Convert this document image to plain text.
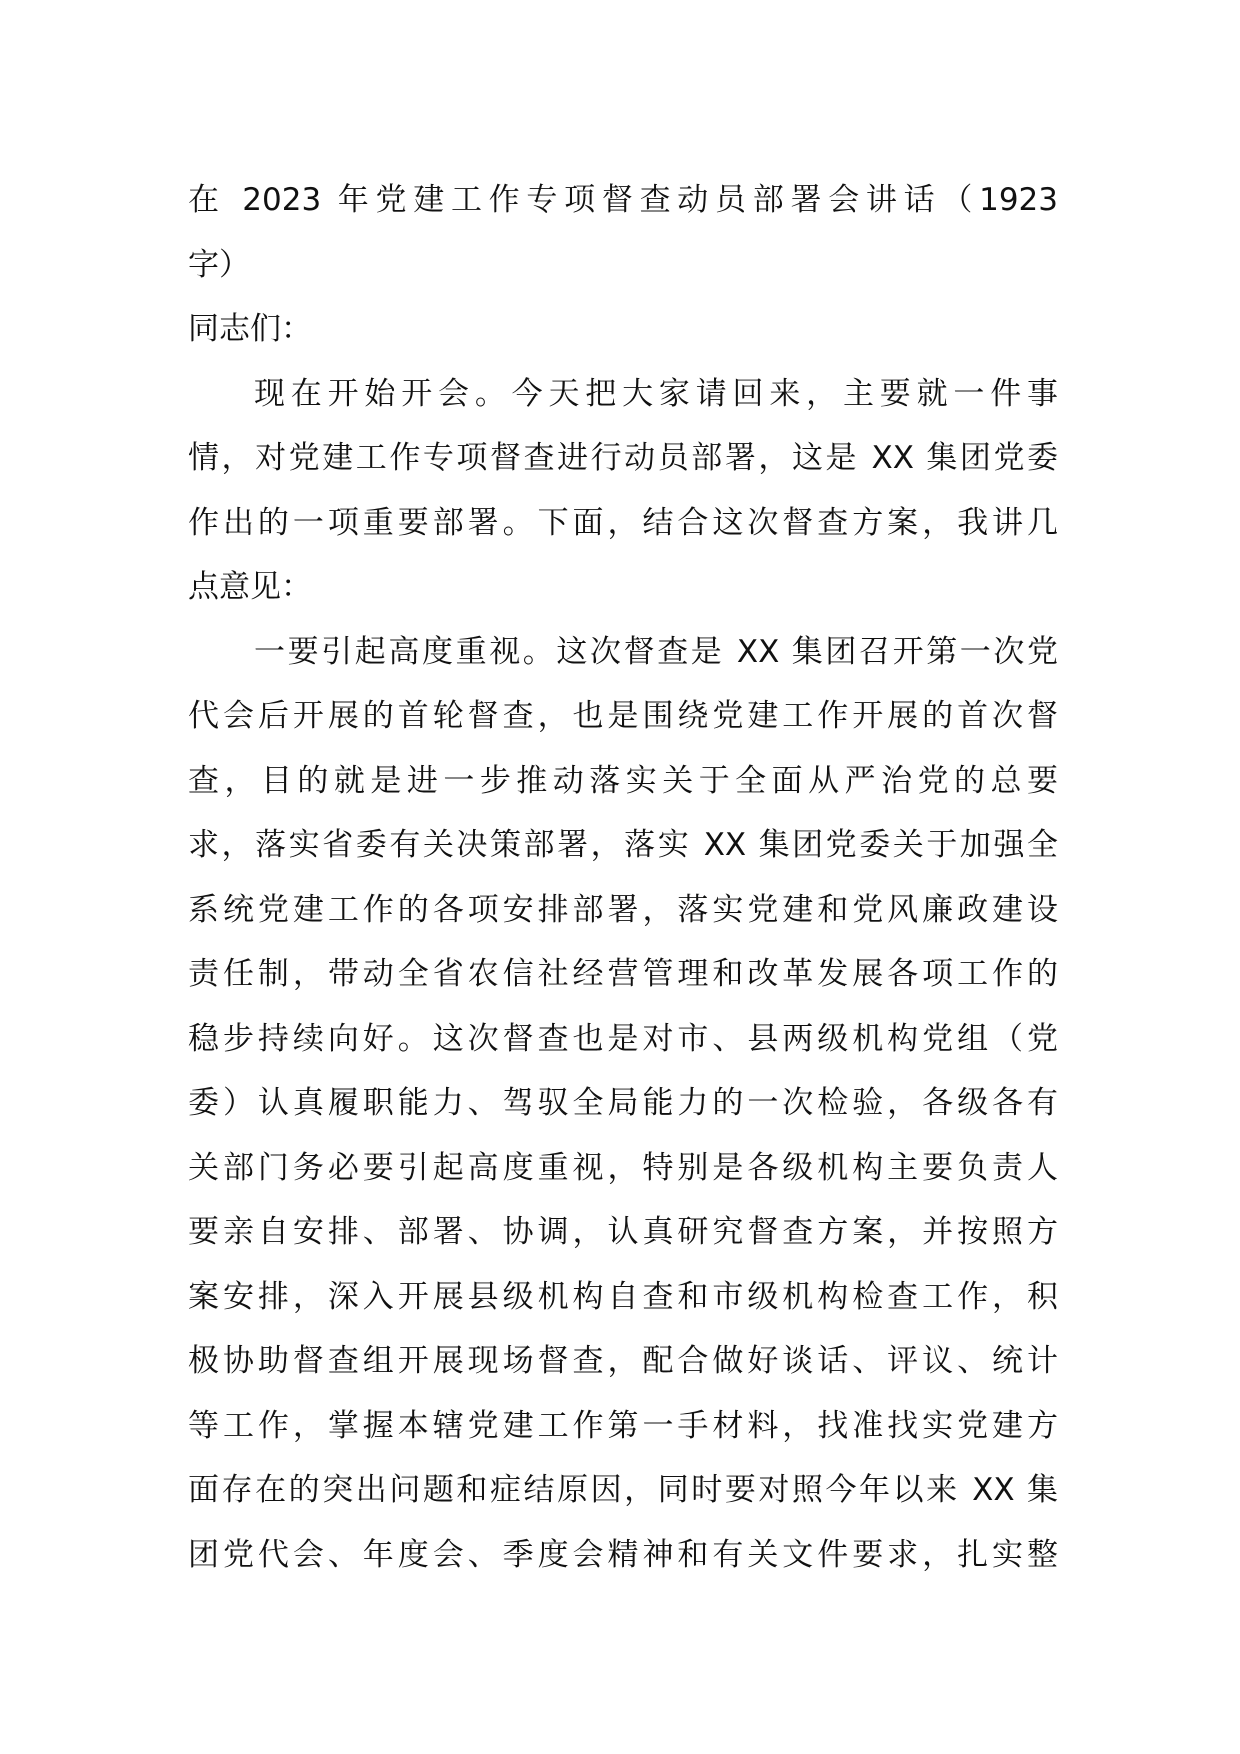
在 2023 年党建工作专项督查动员部署会讲话（1923
字）
同志们：
现在开始开会。今天把大家请回来，主要就一件事
情，对党建工作专项督查进行动员部署，这是 XX 集团党委
作出的一项重要部署。下面，结合这次督查方案，我讲几
点意见：
一要引起高度重视。这次督查是 XX 集团召开第一次党
代会后开展的首轮督查，也是围绕党建工作开展的首次督
查，目的就是进一步推动落实关于全面从严治党的总要
求，落实省委有关决策部署，落实 XX 集团党委关于加强全
系统党建工作的各项安排部署，落实党建和党风廉政建设
责任制，带动全省农信社经营管理和改革发展各项工作的
稳步持续向好。这次督查也是对市、县两级机构党组（党
委）认真履职能力、驾驭全局能力的一次检验，各级各有
关部门务必要引起高度重视，特别是各级机构主要负责人
要亲自安排、部署、协调，认真研究督查方案，并按照方
案安排，深入开展县级机构自查和市级机构检查工作，积
极协助督查组开展现场督查，配合做好谈话、评议、统计
等工作，掌握本辖党建工作第一手材料，找准找实党建方
面存在的突出问题和症结原因，同时要对照今年以来 XX 集
团党代会、年度会、季度会精神和有关文件要求，扎实整
